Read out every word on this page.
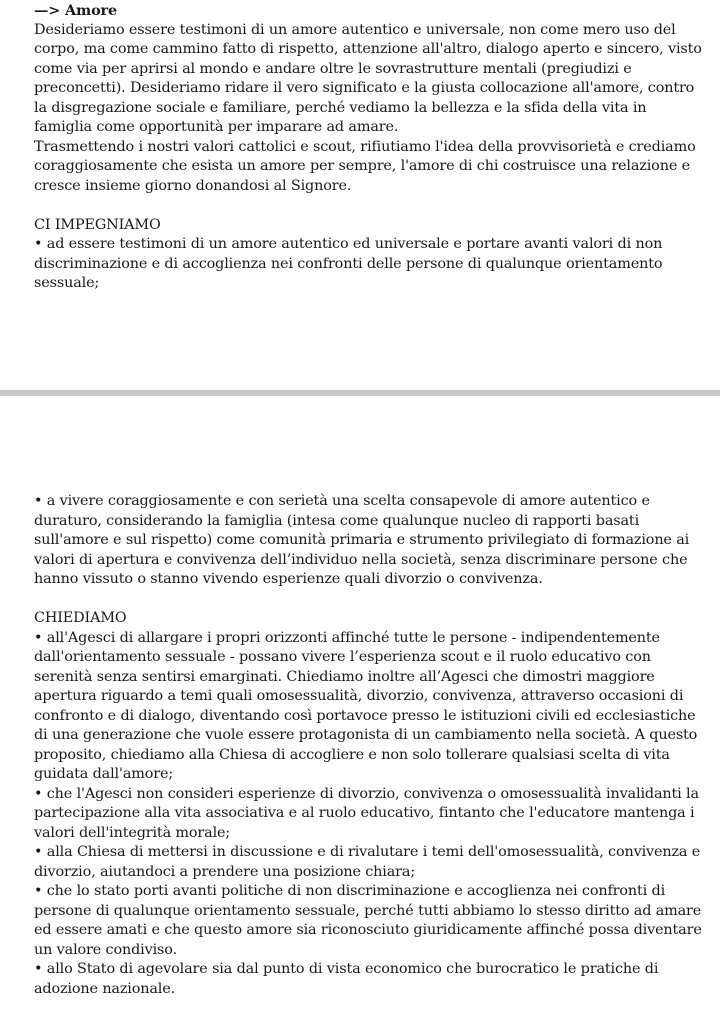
—> Amore

Desideriamo essere testimoni di un amore autentico e universale, non come mero uso del corpo, ma come cammino fatto di rispetto, attenzione all'altro, dialogo aperto e sincero, visto come via per aprirsi al mondo e andare oltre le sovrastrutture mentali (pregiudizi e preconcetti). Desideriamo ridare il vero significato e la giusta collocazione all'amore, contro la disgregazione sociale e familiare, perché vediamo la bellezza e la sfida della vita in famiglia come opportunità per imparare ad amare.

Trasmettendo i nostri valori cattolici e scout, rifiutiamo l'idea della provvisorietà e crediamo coraggiosamente che esista un amore per sempre, l'amore di chi costruisce una relazione e cresce insieme giorno donandosi al Signore.

CI IMPEGNIAMO

• ad essere testimoni di un amore autentico ed universale e portare avanti valori di non discriminazione e di accoglienza nei confronti delle persone di qualunque orientamento sessuale;

• a vivere coraggiosamente e con serietà una scelta consapevole di amore autentico e duraturo, considerando la famiglia (intesa come qualunque nucleo di rapporti basati sull'amore e sul rispetto) come comunità primaria e strumento privilegiato di formazione ai valori di apertura e convivenza dell’individuo nella società, senza discriminare persone che hanno vissuto o stanno vivendo esperienze quali divorzio o convivenza.

CHIEDIAMO

• all'Agesci di allargare i propri orizzonti affinché tutte le persone - indipendentemente dall'orientamento sessuale - possano vivere l’esperienza scout e il ruolo educativo con serenità senza sentirsi emarginati. Chiediamo inoltre all’Agesci che dimostri maggiore apertura riguardo a temi quali omosessualità, divorzio, convivenza, attraverso occasioni di confronto e di dialogo, diventando così portavoce presso le istituzioni civili ed ecclesiastiche di una generazione che vuole essere protagonista di un cambiamento nella società. A questo proposito, chiediamo alla Chiesa di accogliere e non solo tollerare qualsiasi scelta di vita guidata dall'amore;

• che l'Agesci non consideri esperienze di divorzio, convivenza o omosessualità invalidanti la partecipazione alla vita associativa e al ruolo educativo, fintanto che l'educatore mantenga i valori dell'integrità morale;

• alla Chiesa di mettersi in discussione e di rivalutare i temi dell'omosessualità, convivenza e divorzio, aiutandoci a prendere una posizione chiara;

• che lo stato porti avanti politiche di non discriminazione e accoglienza nei confronti di persone di qualunque orientamento sessuale, perché tutti abbiamo lo stesso diritto ad amare ed essere amati e che questo amore sia riconosciuto giuridicamente affinché possa diventare un valore condiviso.

• allo Stato di agevolare sia dal punto di vista economico che burocratico le pratiche di adozione nazionale.
